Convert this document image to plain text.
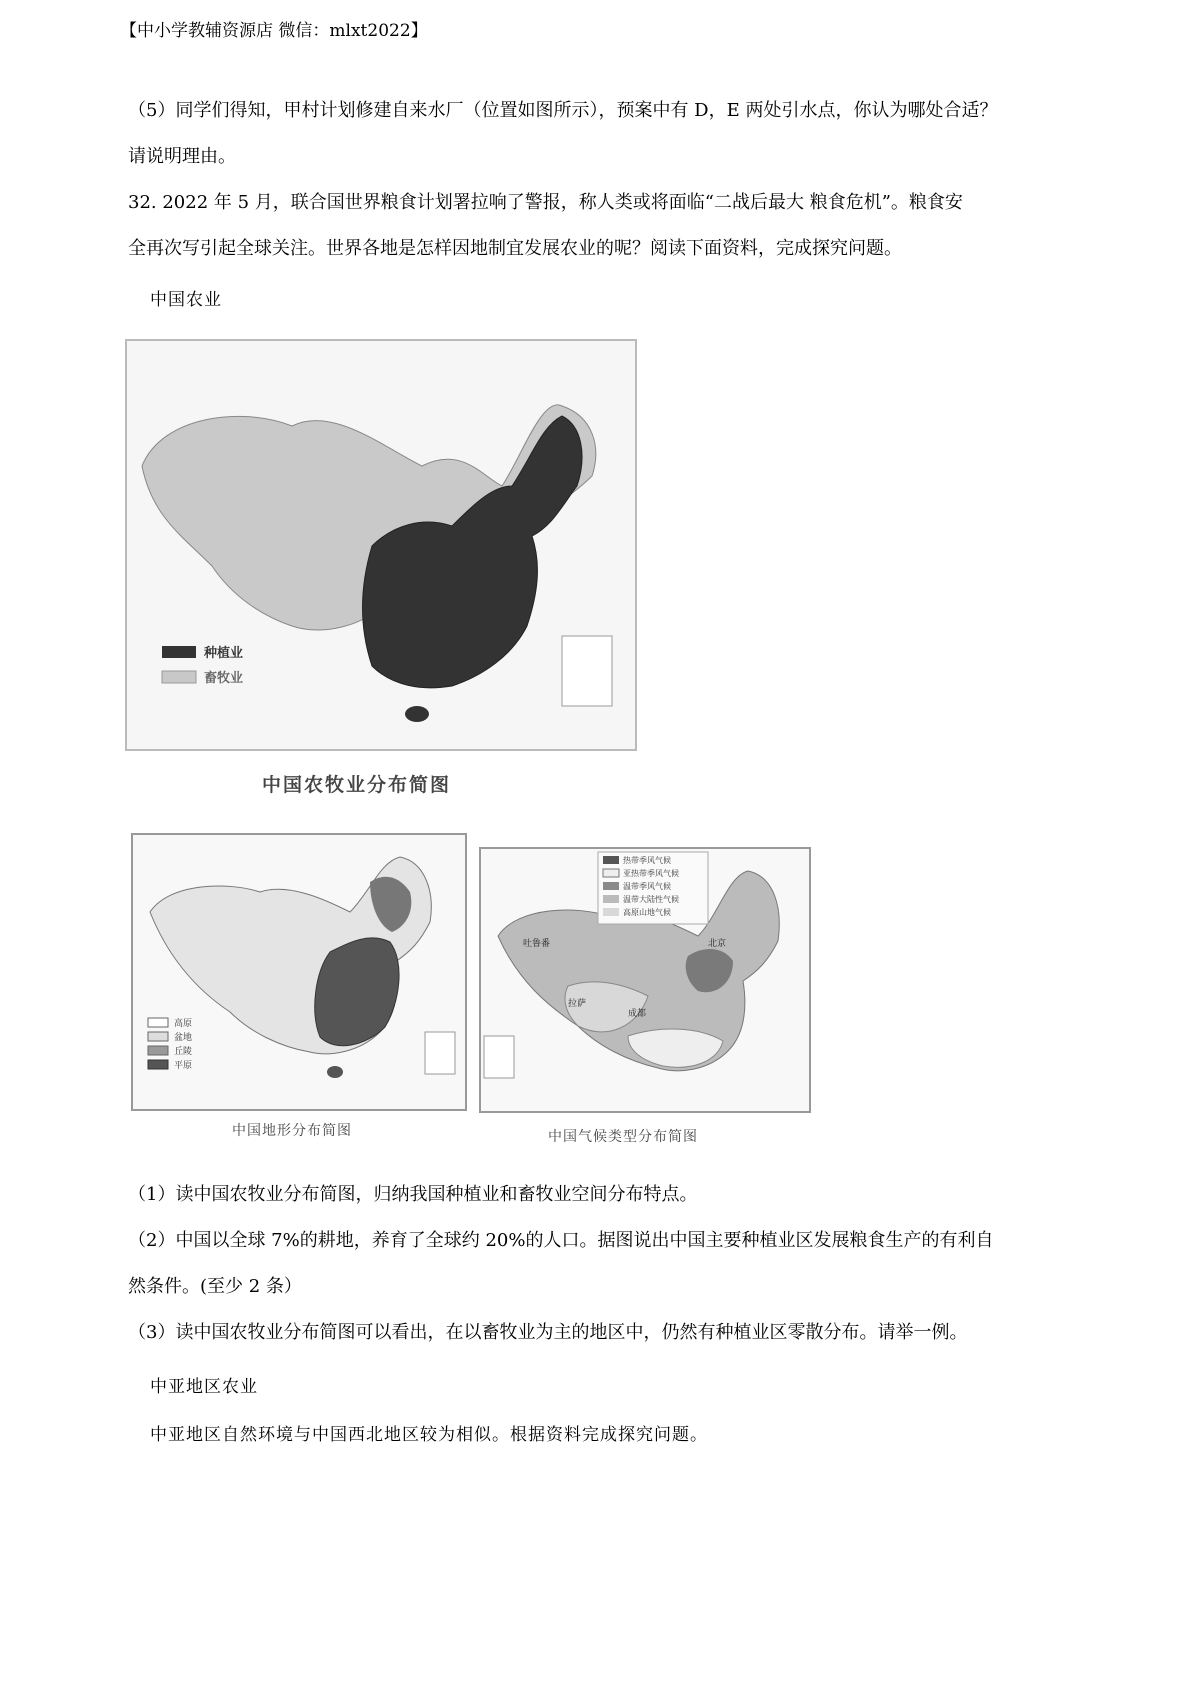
【中小学教辅资源店 微信：mlxt2022】
（5）同学们得知，甲村计划修建自来水厂（位置如图所示），预案中有 D，E 两处引水点，你认为哪处合适？
请说明理由。
32. 2022 年 5 月，联合国世界粮食计划署拉响了警报，称人类或将面临“二战后最大 粮食危机”。粮食安
全再次写引起全球关注。世界各地是怎样因地制宜发展农业的呢？阅读下面资料，完成探究问题。
中国农业
种植业
畜牧业
中国农牧业分布简图
高原
盆地
丘陵
平原
中国地形分布简图
热带季风气候
亚热带季风气候
温带季风气候
温带大陆性气候
高原山地气候
吐鲁番	北京
拉萨
成都
中国气候类型分布简图
（1）读中国农牧业分布简图，归纳我国种植业和畜牧业空间分布特点。
（2）中国以全球 7%的耕地，养育了全球约 20%的人口。据图说出中国主要种植业区发展粮食生产的有利自
然条件。(至少 2 条）
（3）读中国农牧业分布简图可以看出，在以畜牧业为主的地区中，仍然有种植业区零散分布。请举一例。
中亚地区农业
中亚地区自然环境与中国西北地区较为相似。根据资料完成探究问题。
